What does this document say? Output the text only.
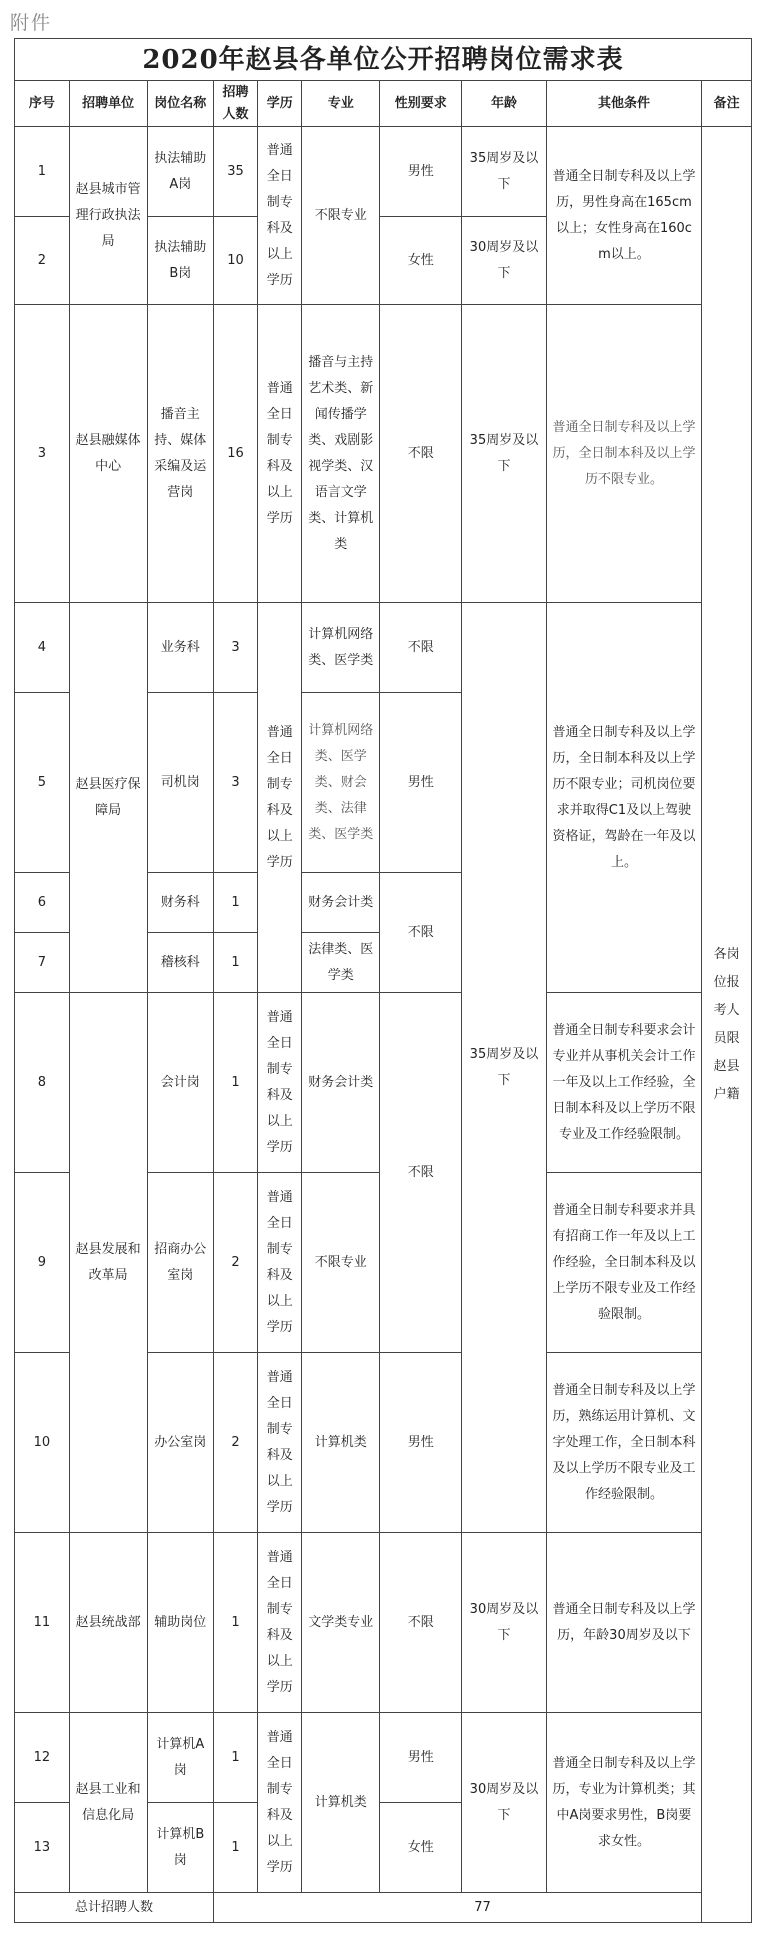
附件
2020年赵县各单位公开招聘岗位需求表									
序号	招聘单位	岗位名称	招聘人数	学历	专业	性别要求	年龄	其他条件	备注
1	赵县城市管理行政执法局	执法辅助A岗	35	普通全日制专科及以上学历	不限专业	男性	35周岁及以下	普通全日制专科及以上学历，男性身高在165cm以上；女性身高在160cm以上。	各岗位报考人员限赵县户籍
2		执法辅助B岗	10			女性	30周岁及以下		
3	赵县融媒体中心	播音主持、媒体采编及运营岗	16	普通全日制专科及以上学历	播音与主持艺术类、新闻传播学类、戏剧影视学类、汉语言文学类、计算机类	不限	35周岁及以下	普通全日制专科及以上学历，全日制本科及以上学历不限专业。	
4	赵县医疗保障局	业务科	3	普通全日制专科及以上学历	计算机网络类、医学类	不限	35周岁及以下	普通全日制专科及以上学历，全日制本科及以上学历不限专业；司机岗位要求并取得C1及以上驾驶资格证，驾龄在一年及以上。	
5		司机岗	3		计算机网络类、医学类、财会类、法律类、医学类	男性			
6		财务科	1		财务会计类	不限			
7		稽核科	1		法律类、医学类				
8	赵县发展和改革局	会计岗	1	普通全日制专科及以上学历	财务会计类	不限		普通全日制专科要求会计专业并从事机关会计工作一年及以上工作经验，全日制本科及以上学历不限专业及工作经验限制。	
9		招商办公室岗	2	普通全日制专科及以上学历	不限专业			普通全日制专科要求并具有招商工作一年及以上工作经验，全日制本科及以上学历不限专业及工作经验限制。	
10		办公室岗	2	普通全日制专科及以上学历	计算机类	男性		普通全日制专科及以上学历，熟练运用计算机、文字处理工作，全日制本科及以上学历不限专业及工作经验限制。	
11	赵县统战部	辅助岗位	1	普通全日制专科及以上学历	文学类专业	不限	30周岁及以下	普通全日制专科及以上学历，年龄30周岁及以下	
12	赵县工业和信息化局	计算机A岗	1	普通全日制专科及以上学历	计算机类	男性	30周岁及以下	普通全日制专科及以上学历，专业为计算机类；其中A岗要求男性，B岗要求女性。	
13		计算机B岗	1			女性			
总计招聘人数			77						
